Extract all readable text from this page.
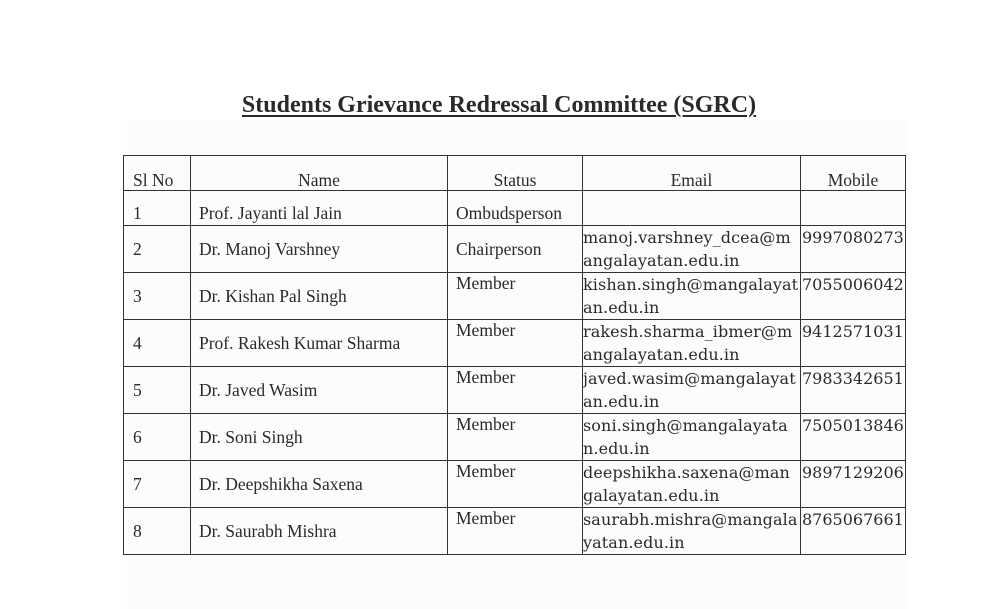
Students Grievance Redressal Committee (SGRC)
Sl No	Name	Status	Email	Mobile

1	Prof. Jayanti lal Jain	Ombudsperson		
2	Dr. Manoj Varshney	Chairperson	manoj.varshney_dcea@mangalayatan.edu.in	9997080273
3	Dr. Kishan Pal Singh	Member	kishan.singh@mangalayatan.edu.in	7055006042
4	Prof. Rakesh Kumar Sharma	Member	rakesh.sharma_ibmer@mangalayatan.edu.in	9412571031
5	Dr. Javed Wasim	Member	javed.wasim@mangalayatan.edu.in	7983342651
6	Dr. Soni Singh	Member	soni.singh@mangalayatan.edu.in	7505013846
7	Dr. Deepshikha Saxena	Member	deepshikha.saxena@mangalayatan.edu.in	9897129206
8	Dr. Saurabh Mishra	Member	saurabh.mishra@mangalayatan.edu.in	8765067661
